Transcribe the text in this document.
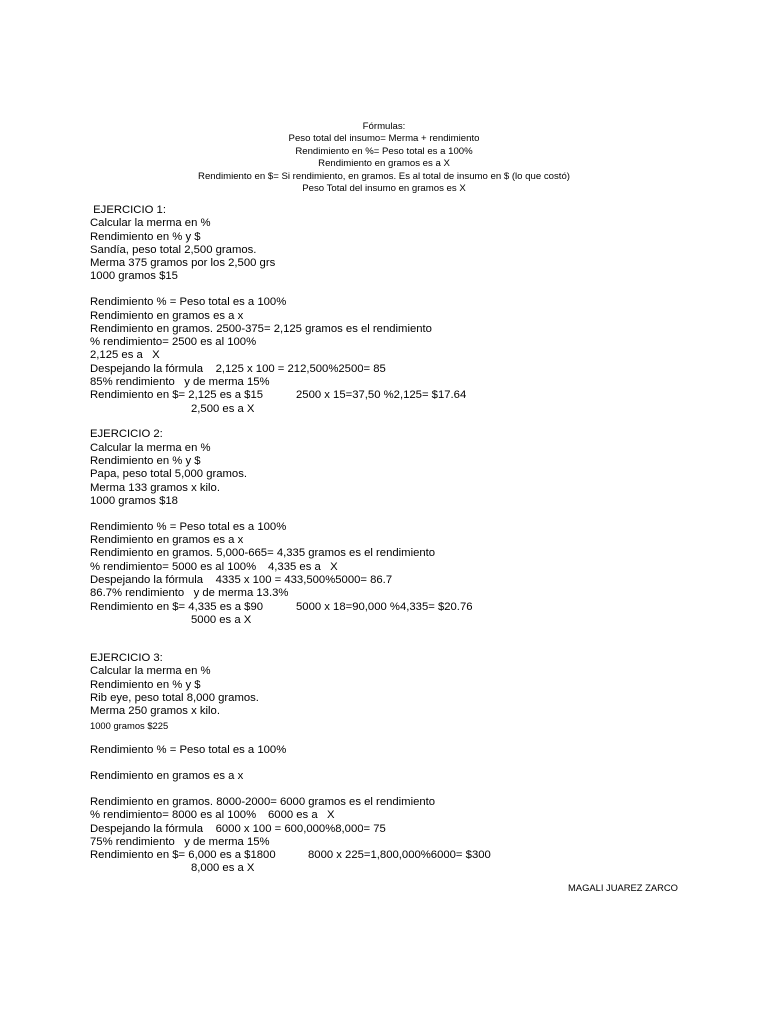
Fórmulas:
Peso total del insumo= Merma + rendimiento
Rendimiento en %= Peso total es a 100%
Rendimiento en gramos es a X
Rendimiento en $= Si rendimiento, en gramos. Es al total de insumo en $ (lo que costó)
Peso Total del insumo en gramos es X
EJERCICIO 1:
Calcular la merma en %
Rendimiento en % y $
Sandía, peso total 2,500 gramos.
Merma 375 gramos por los 2,500 grs
1000 gramos $15
Rendimiento % = Peso total es a 100%
Rendimiento en gramos es a x
Rendimiento en gramos. 2500-375= 2,125 gramos es el rendimiento
% rendimiento= 2500 es al 100%
2,125 es a   X
Despejando la fórmula    2,125 x 100 = 212,500%2500= 85
85% rendimiento   y de merma 15%
Rendimiento en $= 2,125 es a $15	2500 x 15=37,50 %2,125= $17.64
2,500 es a X
EJERCICIO 2:
Calcular la merma en %
Rendimiento en % y $
Papa, peso total 5,000 gramos.
Merma 133 gramos x kilo.
1000 gramos $18
Rendimiento % = Peso total es a 100%
Rendimiento en gramos es a x
Rendimiento en gramos. 5,000-665= 4,335 gramos es el rendimiento
% rendimiento= 5000 es al 100% 4,335 es a   X
Despejando la fórmula    4335 x 100 = 433,500%5000= 86.7
86.7% rendimiento   y de merma 13.3%
Rendimiento en $= 4,335 es a $90	5000 x 18=90,000 %4,335= $20.76
5000 es a X
EJERCICIO 3:
Calcular la merma en %
Rendimiento en % y $
Rib eye, peso total 8,000 gramos.
Merma 250 gramos x kilo.
1000 gramos $225
Rendimiento % = Peso total es a 100%
Rendimiento en gramos es a x
Rendimiento en gramos. 8000-2000= 6000 gramos es el rendimiento
% rendimiento= 8000 es al 100% 6000 es a   X
Despejando la fórmula    6000 x 100 = 600,000%8,000= 75
75% rendimiento   y de merma 15%
Rendimiento en $= 6,000 es a $1800	8000 x 225=1,800,000%6000= $300
8,000 es a X
MAGALI JUAREZ ZARCO
